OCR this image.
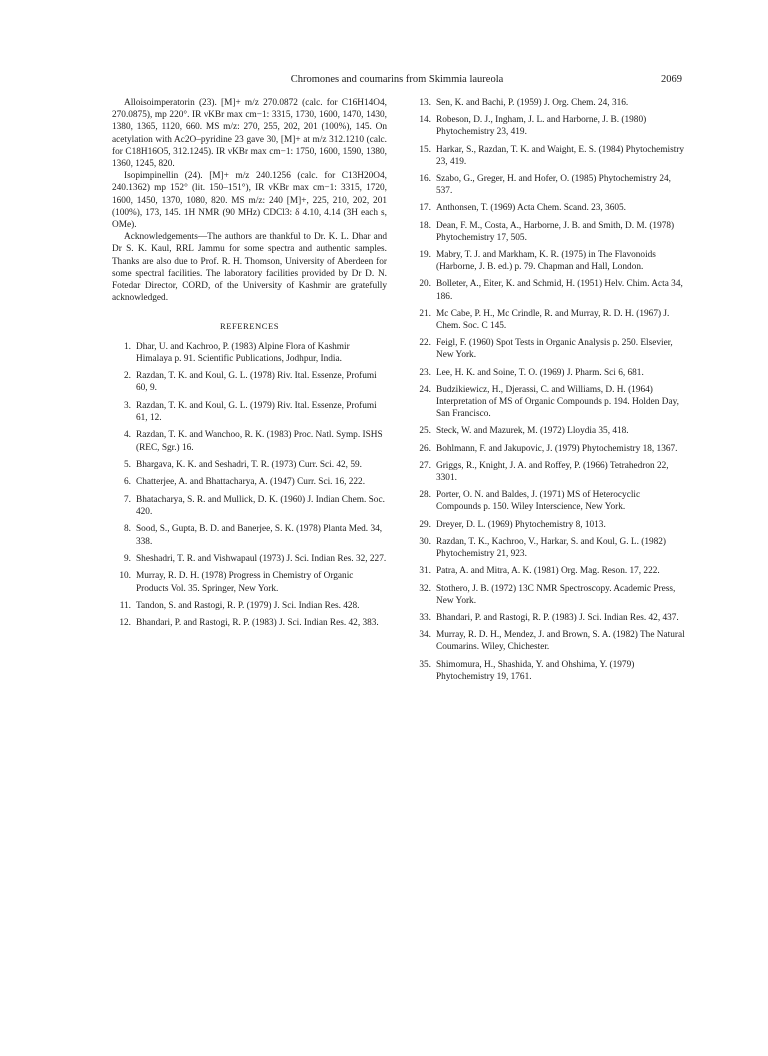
Chromones and coumarins from Skimmia laureola	2069

Alloisoimperatorin (23). [M]+ m/z 270.0872 (calc. for C16H14O4, 270.0875), mp 220°. IR νKBr max cm−1: 3315, 1730, 1600, 1470, 1430, 1380, 1365, 1120, 660. MS m/z: 270, 255, 202, 201 (100%), 145. On acetylation with Ac2O–pyridine 23 gave 30, [M]+ at m/z 312.1210 (calc. for C18H16O5, 312.1245). IR νKBr max cm−1: 1750, 1600, 1590, 1380, 1360, 1245, 820.

Isopimpinellin (24). [M]+ m/z 240.1256 (calc. for C13H20O4, 240.1362) mp 152° (lit. 150–151°), IR νKBr max cm−1: 3315, 1720, 1600, 1450, 1370, 1080, 820. MS m/z: 240 [M]+, 225, 210, 202, 201 (100%), 173, 145. 1H NMR (90 MHz) CDCl3: δ 4.10, 4.14 (3H each s, OMe).

Acknowledgements—The authors are thankful to Dr. K. L. Dhar and Dr S. K. Kaul, RRL Jammu for some spectra and authentic samples. Thanks are also due to Prof. R. H. Thomson, University of Aberdeen for some spectral facilities. The laboratory facilities provided by Dr D. N. Fotedar Director, CORD, of the University of Kashmir are gratefully acknowledged.

REFERENCES
1. Dhar, U. and Kachroo, P. (1983) Alpine Flora of Kashmir Himalaya p. 91. Scientific Publications, Jodhpur, India.
2. Razdan, T. K. and Koul, G. L. (1978) Riv. Ital. Essenze, Profumi 60, 9.
3. Razdan, T. K. and Koul, G. L. (1979) Riv. Ital. Essenze, Profumi 61, 12.
4. Razdan, T. K. and Wanchoo, R. K. (1983) Proc. Natl. Symp. ISHS (REC, Sgr.) 16.
5. Bhargava, K. K. and Seshadri, T. R. (1973) Curr. Sci. 42, 59.
6. Chatterjee, A. and Bhattacharya, A. (1947) Curr. Sci. 16, 222.
7. Bhatacharya, S. R. and Mullick, D. K. (1960) J. Indian Chem. Soc. 420.
8. Sood, S., Gupta, B. D. and Banerjee, S. K. (1978) Planta Med. 34, 338.
9. Sheshadri, T. R. and Vishwapaul (1973) J. Sci. Indian Res. 32, 227.
10. Murray, R. D. H. (1978) Progress in Chemistry of Organic Products Vol. 35. Springer, New York.
11. Tandon, S. and Rastogi, R. P. (1979) J. Sci. Indian Res. 428.
12. Bhandari, P. and Rastogi, R. P. (1983) J. Sci. Indian Res. 42, 383.
13. Sen, K. and Bachi, P. (1959) J. Org. Chem. 24, 316.
14. Robeson, D. J., Ingham, J. L. and Harborne, J. B. (1980) Phytochemistry 23, 419.
15. Harkar, S., Razdan, T. K. and Waight, E. S. (1984) Phytochemistry 23, 419.
16. Szabo, G., Greger, H. and Hofer, O. (1985) Phytochemistry 24, 537.
17. Anthonsen, T. (1969) Acta Chem. Scand. 23, 3605.
18. Dean, F. M., Costa, A., Harborne, J. B. and Smith, D. M. (1978) Phytochemistry 17, 505.
19. Mabry, T. J. and Markham, K. R. (1975) in The Flavonoids (Harborne, J. B. ed.) p. 79. Chapman and Hall, London.
20. Bolleter, A., Eiter, K. and Schmid, H. (1951) Helv. Chim. Acta 34, 186.
21. Mc Cabe, P. H., Mc Crindle, R. and Murray, R. D. H. (1967) J. Chem. Soc. C 145.
22. Feigl, F. (1960) Spot Tests in Organic Analysis p. 250. Elsevier, New York.
23. Lee, H. K. and Soine, T. O. (1969) J. Pharm. Sci 6, 681.
24. Budzikiewicz, H., Djerassi, C. and Williams, D. H. (1964) Interpretation of MS of Organic Compounds p. 194. Holden Day, San Francisco.
25. Steck, W. and Mazurek, M. (1972) Lloydia 35, 418.
26. Bohlmann, F. and Jakupovic, J. (1979) Phytochemistry 18, 1367.
27. Griggs, R., Knight, J. A. and Roffey, P. (1966) Tetrahedron 22, 3301.
28. Porter, O. N. and Baldes, J. (1971) MS of Heterocyclic Compounds p. 150. Wiley Interscience, New York.
29. Dreyer, D. L. (1969) Phytochemistry 8, 1013.
30. Razdan, T. K., Kachroo, V., Harkar, S. and Koul, G. L. (1982) Phytochemistry 21, 923.
31. Patra, A. and Mitra, A. K. (1981) Org. Mag. Reson. 17, 222.
32. Stothero, J. B. (1972) 13C NMR Spectroscopy. Academic Press, New York.
33. Bhandari, P. and Rastogi, R. P. (1983) J. Sci. Indian Res. 42, 437.
34. Murray, R. D. H., Mendez, J. and Brown, S. A. (1982) The Natural Coumarins. Wiley, Chichester.
35. Shimomura, H., Shashida, Y. and Ohshima, Y. (1979) Phytochemistry 19, 1761.
